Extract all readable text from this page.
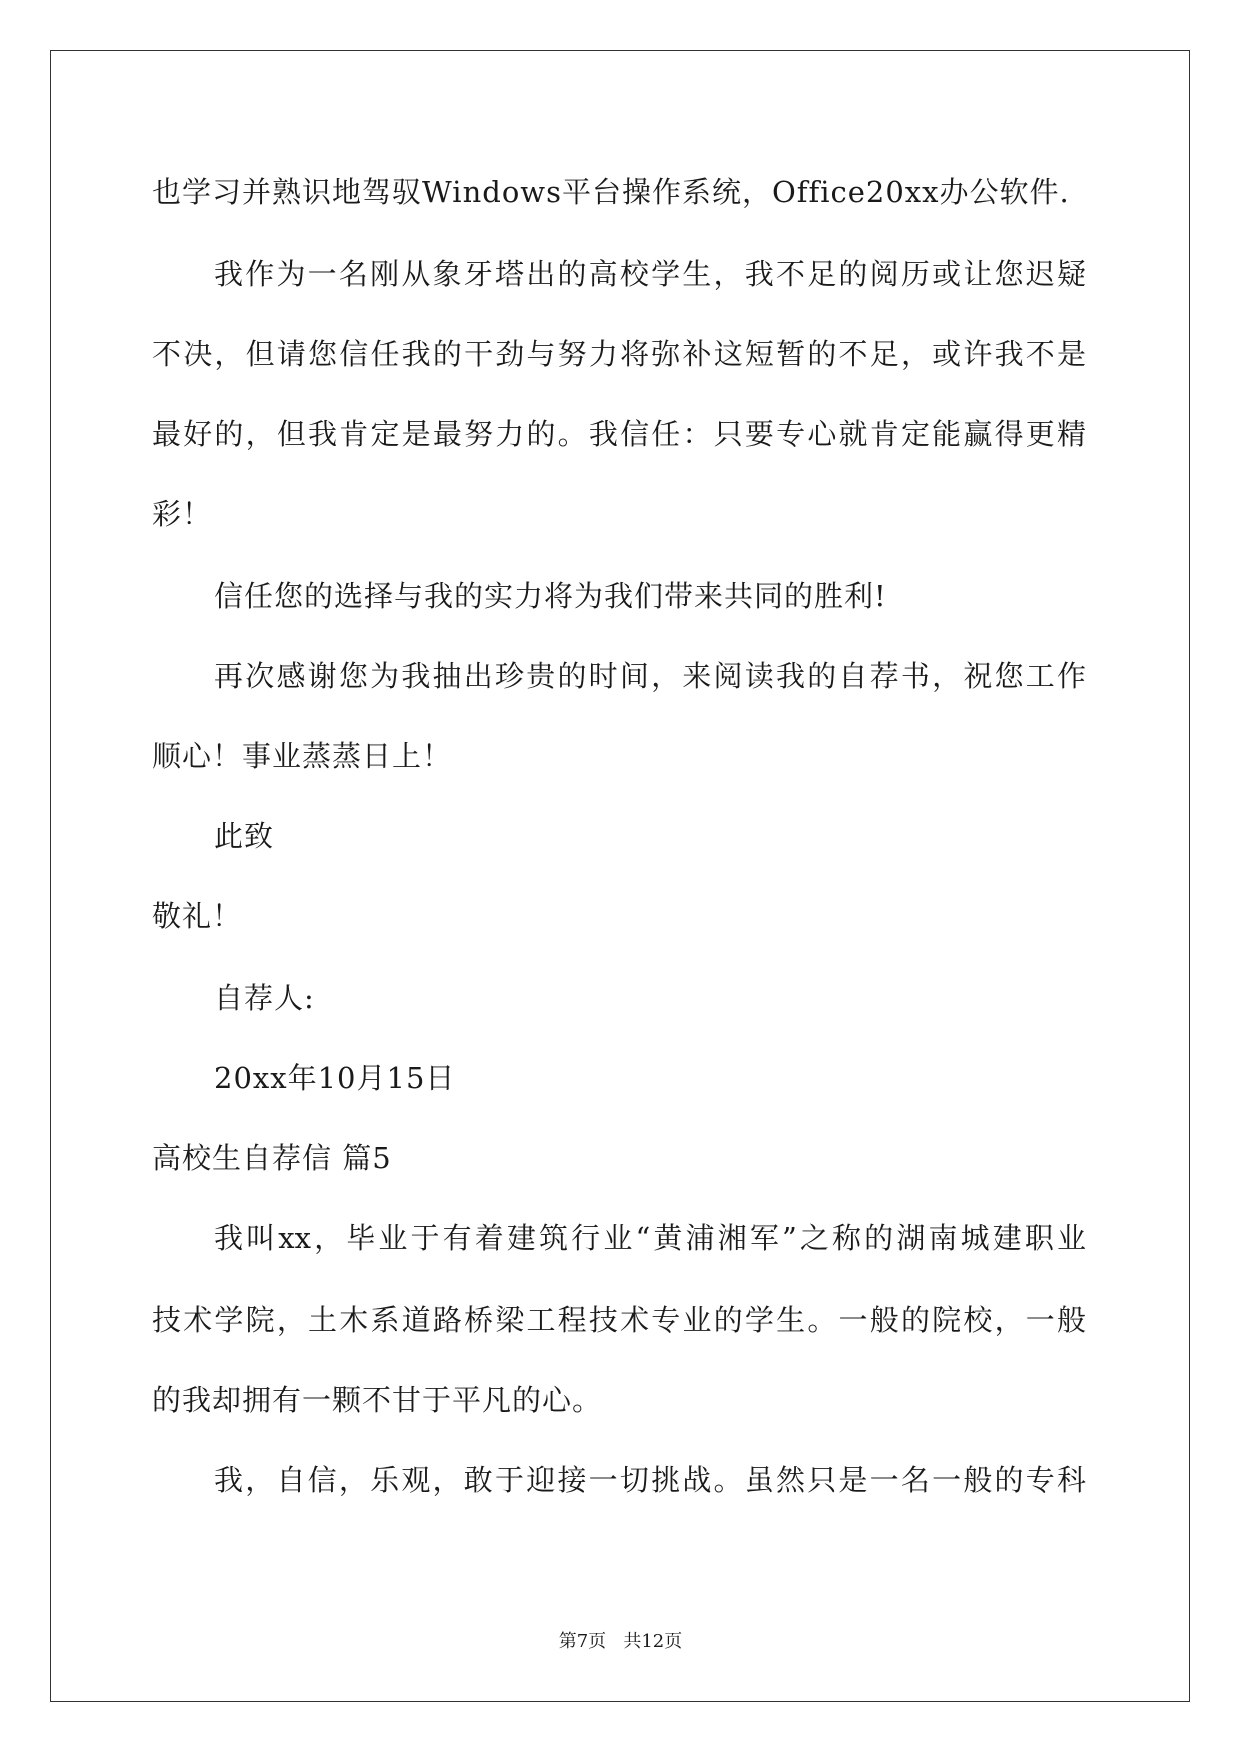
也学习并熟识地驾驭Windows平台操作系统，Office20xx办公软件.
我作为一名刚从象牙塔出的高校学生，我不足的阅历或让您迟疑
不决，但请您信任我的干劲与努力将弥补这短暂的不足，或许我不是
最好的，但我肯定是最努力的。我信任：只要专心就肯定能赢得更精
彩！
信任您的选择与我的实力将为我们带来共同的胜利!
再次感谢您为我抽出珍贵的时间，来阅读我的自荐书，祝您工作
顺心！事业蒸蒸日上！
此致
敬礼！
自荐人:
20xx年10月15日
高校生自荐信 篇5
我叫xx，毕业于有着建筑行业“黄浦湘军”之称的湖南城建职业
技术学院，土木系道路桥梁工程技术专业的学生。一般的院校，一般
的我却拥有一颗不甘于平凡的心。
我，自信，乐观，敢于迎接一切挑战。虽然只是一名一般的专科
第7页   共12页
